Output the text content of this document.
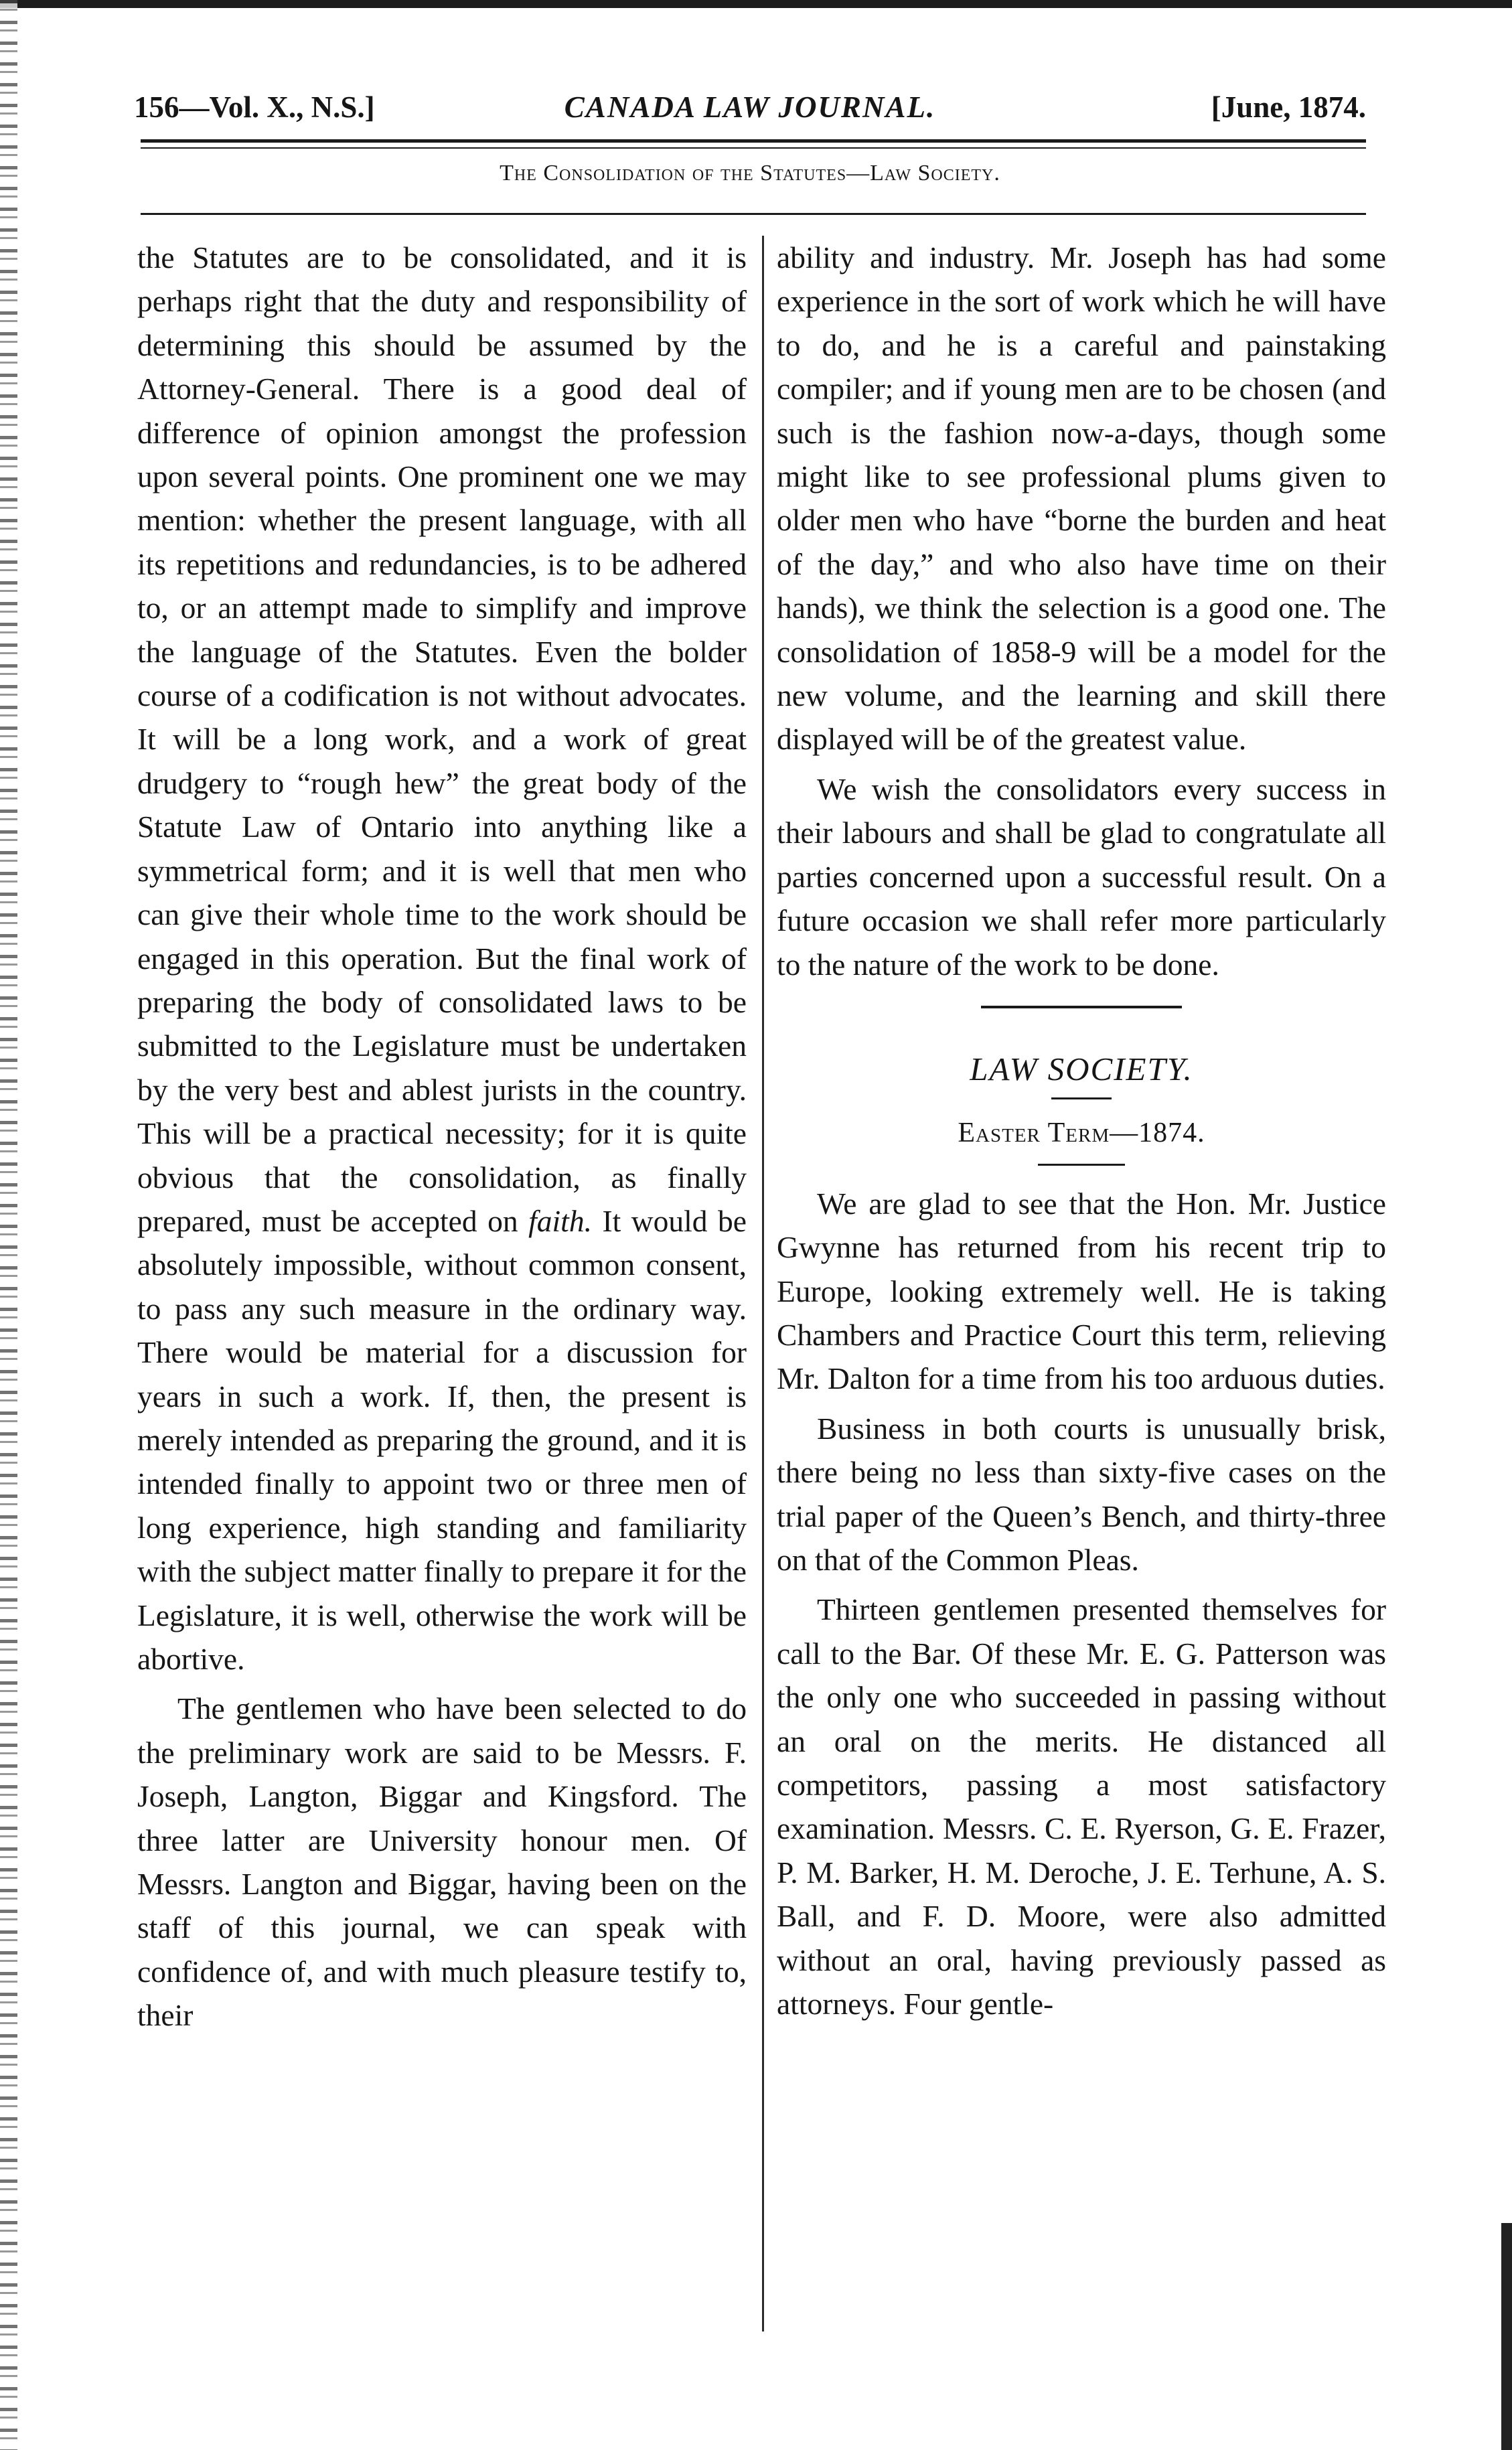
156—Vol. X., N.S.]	CANADA LAW JOURNAL.	[June, 1874.
The Consolidation of the Statutes—Law Society.

the Statutes are to be consolidated, and it is perhaps right that the duty and responsibility of determining this should be assumed by the Attorney-General. There is a good deal of difference of opinion amongst the profession upon several points. One prominent one we may mention: whether the present language, with all its repetitions and redundancies, is to be adhered to, or an attempt made to simplify and improve the language of the Statutes. Even the bolder course of a codification is not without advocates. It will be a long work, and a work of great drudgery to “rough hew” the great body of the Statute Law of Ontario into anything like a symmetrical form; and it is well that men who can give their whole time to the work should be engaged in this operation. But the final work of preparing the body of consolidated laws to be submitted to the Legislature must be undertaken by the very best and ablest jurists in the country. This will be a practical necessity; for it is quite obvious that the consolidation, as finally prepared, must be accepted on faith. It would be absolutely impossible, without common consent, to pass any such measure in the ordinary way. There would be material for a discussion for years in such a work. If, then, the present is merely intended as preparing the ground, and it is intended finally to appoint two or three men of long experience, high standing and familiarity with the subject matter finally to prepare it for the Legislature, it is well, otherwise the work will be abortive.

The gentlemen who have been selected to do the preliminary work are said to be Messrs. F. Joseph, Langton, Biggar and Kingsford. The three latter are University honour men. Of Messrs. Langton and Biggar, having been on the staff of this journal, we can speak with confidence of, and with much pleasure testify to, their

ability and industry. Mr. Joseph has had some experience in the sort of work which he will have to do, and he is a careful and painstaking compiler; and if young men are to be chosen (and such is the fashion now-a-days, though some might like to see professional plums given to older men who have “borne the burden and heat of the day,” and who also have time on their hands), we think the selection is a good one. The consolidation of 1858-9 will be a model for the new volume, and the learning and skill there displayed will be of the greatest value.

We wish the consolidators every success in their labours and shall be glad to congratulate all parties concerned upon a successful result. On a future occasion we shall refer more particularly to the nature of the work to be done.

LAW SOCIETY.
Easter Term—1874.

We are glad to see that the Hon. Mr. Justice Gwynne has returned from his recent trip to Europe, looking extremely well. He is taking Chambers and Practice Court this term, relieving Mr. Dalton for a time from his too arduous duties.

Business in both courts is unusually brisk, there being no less than sixty-five cases on the trial paper of the Queen’s Bench, and thirty-three on that of the Common Pleas.

Thirteen gentlemen presented themselves for call to the Bar. Of these Mr. E. G. Patterson was the only one who succeeded in passing without an oral on the merits. He distanced all competitors, passing a most satisfactory examination. Messrs. C. E. Ryerson, G. E. Frazer, P. M. Barker, H. M. Deroche, J. E. Terhune, A. S. Ball, and F. D. Moore, were also admitted without an oral, having previously passed as attorneys. Four gentle-
